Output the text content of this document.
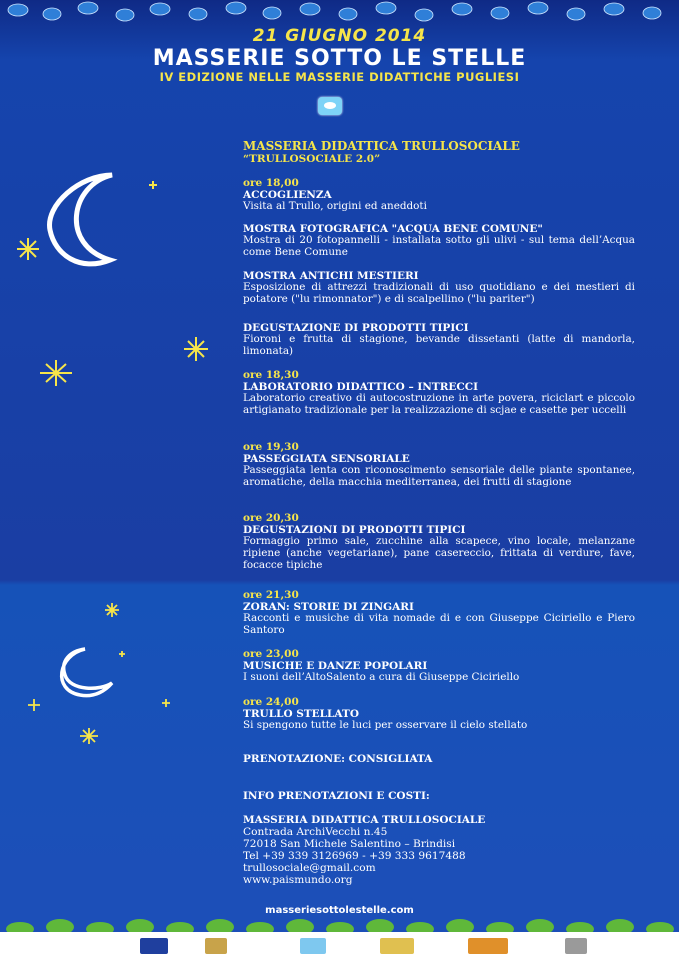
21 GIUGNO 2014
MASSERIE SOTTO LE STELLE
IV EDIZIONE NELLE MASSERIE DIDATTICHE PUGLIESI
MASSERIA DIDATTICA TRULLOSOCIALE
“TRULLOSOCIALE 2.0”
ore 18,00
ACCOGLIENZA
Visita al Trullo, origini ed aneddoti
MOSTRA FOTOGRAFICA "ACQUA BENE COMUNE"
Mostra di 20 fotopannelli - installata sotto gli ulivi - sul tema dell’Acqua come Bene Comune
MOSTRA ANTICHI MESTIERI
Esposizione di attrezzi tradizionali di uso quotidiano e dei mestieri di potatore ("lu rimonnator") e di scalpellino ("lu pariter")
DEGUSTAZIONE DI PRODOTTI TIPICI
Fioroni e frutta di stagione, bevande dissetanti (latte di mandorla, limonata)
ore 18,30
LABORATORIO DIDATTICO – INTRECCI
Laboratorio creativo di autocostruzione in arte povera, riciclart e piccolo artigianato tradizionale per la realizzazione di scjae e casette per uccelli
ore 19,30
PASSEGGIATA SENSORIALE
Passeggiata lenta con riconoscimento sensoriale delle piante spontanee, aromatiche, della macchia mediterranea, dei frutti di stagione
ore 20,30
DEGUSTAZIONI DI PRODOTTI TIPICI
Formaggio primo sale, zucchine alla scapece, vino locale, melanzane ripiene (anche vegetariane), pane casereccio, frittata di verdure, fave, focacce tipiche
ore 21,30
ZORAN: STORIE DI ZINGARI
Racconti e musiche di vita nomade di e con Giuseppe Ciciriello e Piero Santoro
ore 23,00
MUSICHE E DANZE POPOLARI
I suoni dell’AltoSalento a cura di Giuseppe Ciciriello
ore 24,00
TRULLO STELLATO
Si spengono tutte le luci per osservare il cielo stellato
PRENOTAZIONE: CONSIGLIATA
INFO PRENOTAZIONI E COSTI:
MASSERIA DIDATTICA TRULLOSOCIALE
Contrada ArchiVecchi n.45
72018 San Michele Salentino – Brindisi
Tel +39 339 3126969 - +39 333 9617488
trullosociale@gmail.com
www.paismundo.org
masseriesottolestelle.com
